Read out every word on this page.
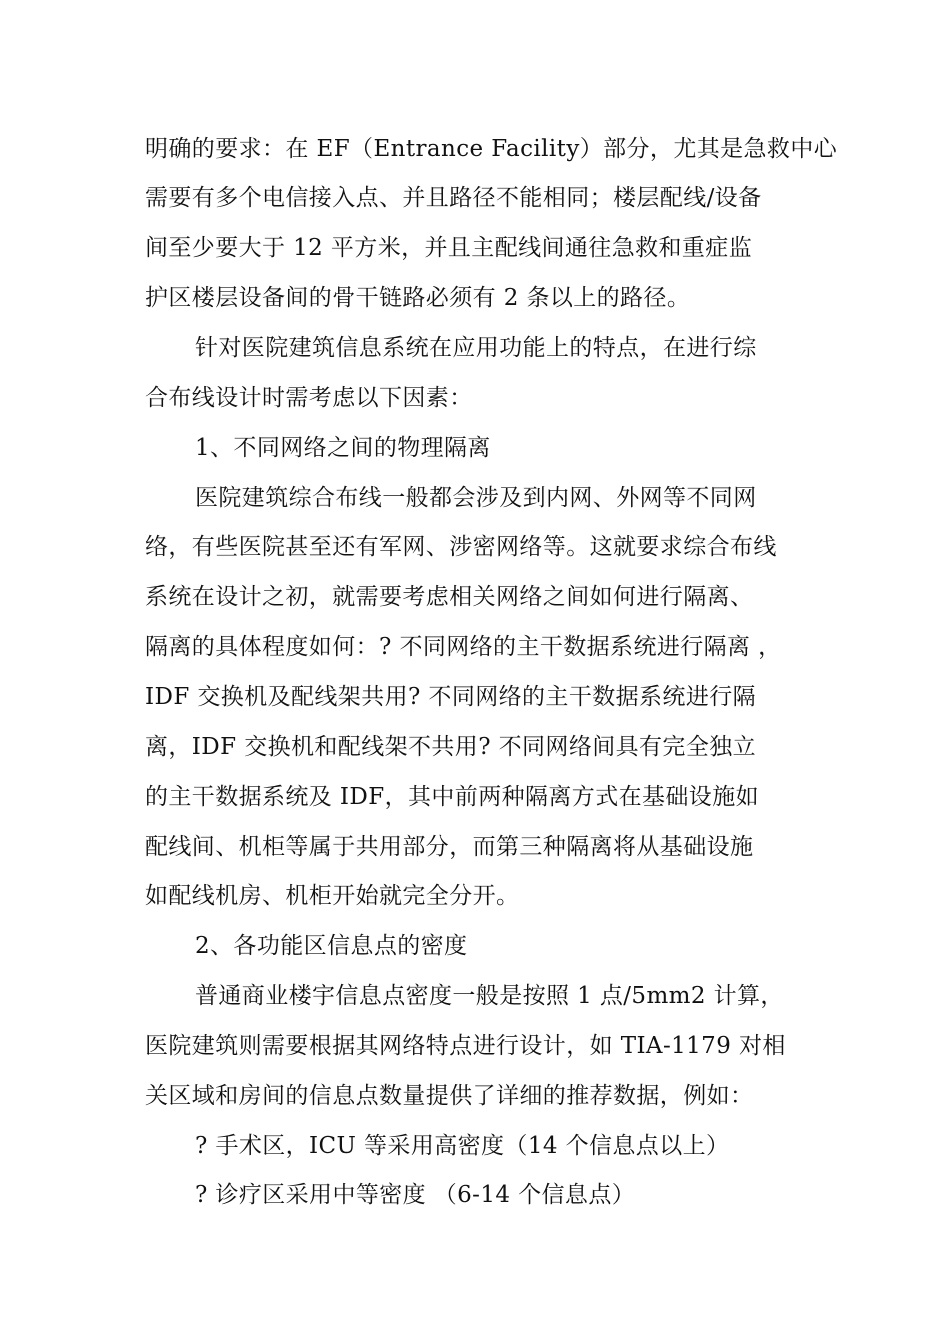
明确的要求：在 EF（Entrance Facility）部分，尤其是急救中心
需要有多个电信接入点、并且路径不能相同；楼层配线/设备
间至少要大于 12 平方米，并且主配线间通往急救和重症监
护区楼层设备间的骨干链路必须有 2 条以上的路径。
针对医院建筑信息系统在应用功能上的特点，在进行综
合布线设计时需考虑以下因素：
1、不同网络之间的物理隔离
医院建筑综合布线一般都会涉及到内网、外网等不同网
络，有些医院甚至还有军网、涉密网络等。这就要求综合布线
系统在设计之初，就需要考虑相关网络之间如何进行隔离、
隔离的具体程度如何：? 不同网络的主干数据系统进行隔离 ，
IDF 交换机及配线架共用? 不同网络的主干数据系统进行隔
离，IDF 交换机和配线架不共用? 不同网络间具有完全独立
的主干数据系统及 IDF，其中前两种隔离方式在基础设施如
配线间、机柜等属于共用部分，而第三种隔离将从基础设施
如配线机房、机柜开始就完全分开。
2、各功能区信息点的密度
普通商业楼宇信息点密度一般是按照 1 点/5mm2 计算，
医院建筑则需要根据其网络特点进行设计，如 TIA-1179 对相
关区域和房间的信息点数量提供了详细的推荐数据，例如：
? 手术区，ICU 等采用高密度（14 个信息点以上）
? 诊疗区采用中等密度 （6-14 个信息点）
